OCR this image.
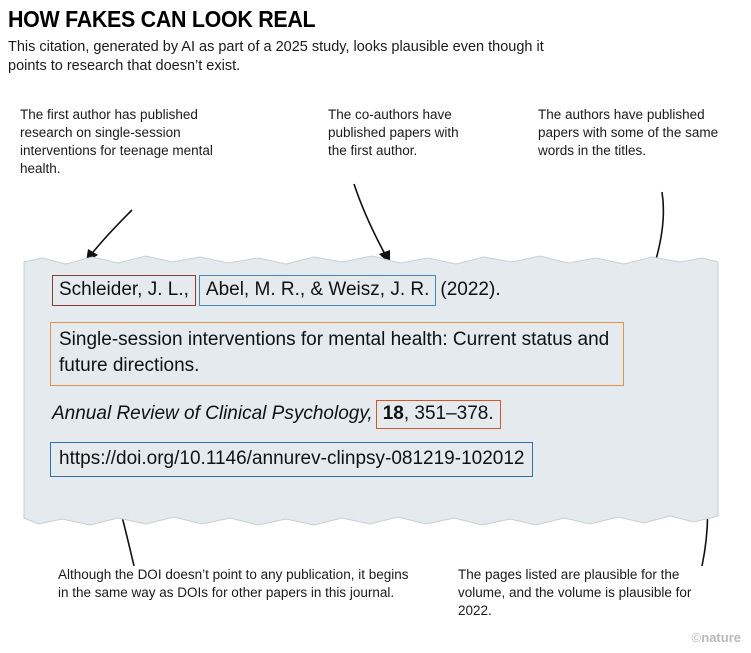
HOW FAKES CAN LOOK REAL
This citation, generated by AI as part of a 2025 study, looks plausible even though it points to research that doesn’t exist.
The first author has published research on single-session interventions for teenage mental health.
The co-authors have published papers with the first author.
The authors have published papers with some of the same words in the titles.
Although the DOI doesn’t point to any publication, it begins in the same way as DOIs for other papers in this journal.
The pages listed are plausible for the volume, and the volume is plausible for 2022.
Schleider, J. L., Abel, M. R., & Weisz, J. R. (2022).
Single-session interventions for mental health: Current status and future directions.
Annual Review of Clinical Psychology, 18, 351–378.
https://doi.org/10.1146/annurev-clinpsy-081219-102012
©nature
